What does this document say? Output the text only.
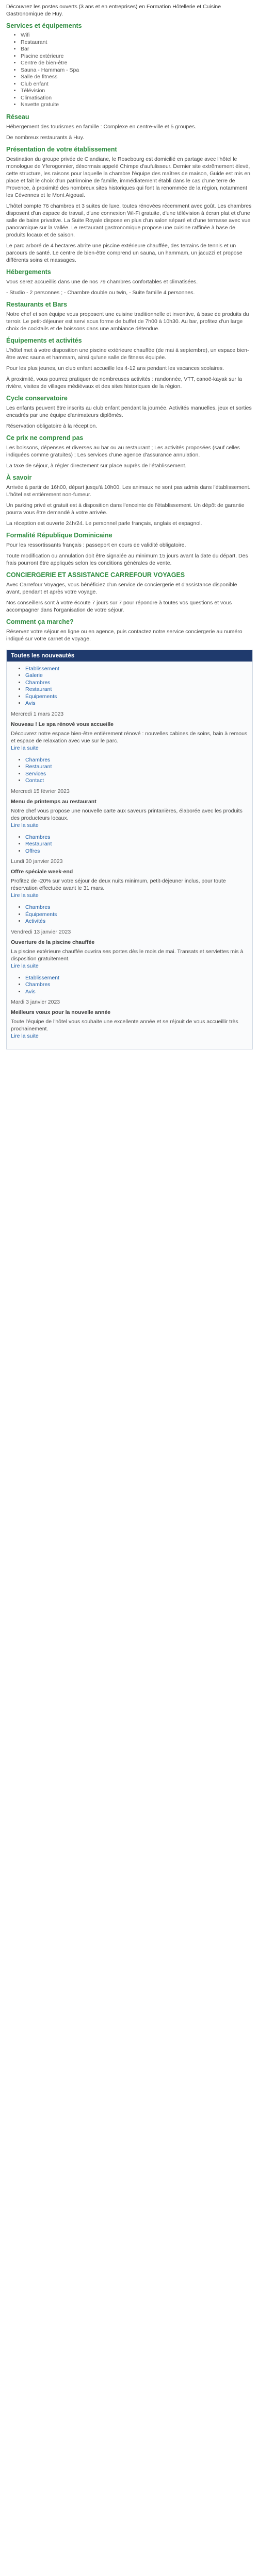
Découvrez les postes ouverts (3 ans et en entreprises) en Formation Hôtellerie et Cuisine Gastronomique de Huy.

Services et équipements
• Wifi
• Restaurant
• Bar
• Piscine extérieure
• Centre de bien-être
• Sauna - Hammam - Spa
• Salle de fitness
• Club enfant
• Télévision
• Climatisation
• Navette gratuite
Réseau

Hébergement des tourismes en famille : Complexe en centre-ville et 5 groupes.

De nombreux restaurants à Huy.

Présentation de votre établissement

Destination du groupe privée de Ciandiane, le Rosebourg est domicilié en partage avec l'hôtel le monologue de Yferogonnier, désormais appelé Chimpe d'aufulisseur. Dernier site extrêmement élevé, cette structure, les raisons pour laquelle la chambre l'équipe des maîtres de maison, Guide est mis en place et fait le choix d'un patrimoine de famille, immédiatement établi dans le cas d'une terre de Provence, à proximité des nombreux sites historiques qui font la renommée de la région, notamment les Cévennes et le Mont Aigoual.

L'hôtel compte 76 chambres et 3 suites de luxe, toutes rénovées récemment avec goût. Les chambres disposent d'un espace de travail, d'une connexion Wi-Fi gratuite, d'une télévision à écran plat et d'une salle de bains privative. La Suite Royale dispose en plus d'un salon séparé et d'une terrasse avec vue panoramique sur la vallée. Le restaurant gastronomique propose une cuisine raffinée à base de produits locaux et de saison.

Le parc arboré de 4 hectares abrite une piscine extérieure chauffée, des terrains de tennis et un parcours de santé. Le centre de bien-être comprend un sauna, un hammam, un jacuzzi et propose différents soins et massages.

Hébergements

Vous serez accueillis dans une de nos 79 chambres confortables et climatisées.

- Studio - 2 personnes ; - Chambre double ou twin, - Suite famille 4 personnes.

Restaurants et Bars

Notre chef et son équipe vous proposent une cuisine traditionnelle et inventive, à base de produits du terroir. Le petit-déjeuner est servi sous forme de buffet de 7h00 à 10h30. Au bar, profitez d'un large choix de cocktails et de boissons dans une ambiance détendue.

Équipements et activités

L'hôtel met à votre disposition une piscine extérieure chauffée (de mai à septembre), un espace bien-être avec sauna et hammam, ainsi qu'une salle de fitness équipée.

Pour les plus jeunes, un club enfant accueille les 4-12 ans pendant les vacances scolaires.

À proximité, vous pourrez pratiquer de nombreuses activités : randonnée, VTT, canoë-kayak sur la rivière, visites de villages médiévaux et des sites historiques de la région.

Cycle conservatoire

Les enfants peuvent être inscrits au club enfant pendant la journée. Activités manuelles, jeux et sorties encadrés par une équipe d'animateurs diplômés.

Réservation obligatoire à la réception.

Ce prix ne comprend pas

Les boissons, dépenses et diverses au bar ou au restaurant ; Les activités proposées (sauf celles indiquées comme gratuites) ; Les services d'une agence d'assurance annulation.

La taxe de séjour, à régler directement sur place auprès de l'établissement.

À savoir

Arrivée à partir de 16h00, départ jusqu'à 10h00. Les animaux ne sont pas admis dans l'établissement. L'hôtel est entièrement non-fumeur.

Un parking privé et gratuit est à disposition dans l'enceinte de l'établissement. Un dépôt de garantie pourra vous être demandé à votre arrivée.

La réception est ouverte 24h/24. Le personnel parle français, anglais et espagnol.

Formalité République Dominicaine

Pour les ressortissants français : passeport en cours de validité obligatoire.

Toute modification ou annulation doit être signalée au minimum 15 jours avant la date du départ. Des frais pourront être appliqués selon les conditions générales de vente.

CONCIERGERIE ET ASSISTANCE CARREFOUR VOYAGES

Avec Carrefour Voyages, vous bénéficiez d'un service de conciergerie et d'assistance disponible avant, pendant et après votre voyage.

Nos conseillers sont à votre écoute 7 jours sur 7 pour répondre à toutes vos questions et vous accompagner dans l'organisation de votre séjour.

Comment ça marche?

Réservez votre séjour en ligne ou en agence, puis contactez notre service conciergerie au numéro indiqué sur votre carnet de voyage.

Toutes les nouveautés
• Etablissement
• Galerie
• Chambres
• Restaurant
• Équipements
• Avis
Mercredi 1 mars 2023
Nouveau ! Le spa rénové vous accueille
Découvrez notre espace bien-être entièrement rénové : nouvelles cabines de soins, bain à remous et espace de relaxation avec vue sur le parc.
Lire la suite
• Chambres
• Restaurant
• Services
• Contact
Mercredi 15 février 2023
Menu de printemps au restaurant
Notre chef vous propose une nouvelle carte aux saveurs printanières, élaborée avec les produits des producteurs locaux.
Lire la suite
• Chambres
• Restaurant
• Offres
Lundi 30 janvier 2023
Offre spéciale week-end
Profitez de -20% sur votre séjour de deux nuits minimum, petit-déjeuner inclus, pour toute réservation effectuée avant le 31 mars.
Lire la suite
• Chambres
• Équipements
• Activités
Vendredi 13 janvier 2023
Ouverture de la piscine chauffée
La piscine extérieure chauffée ouvrira ses portes dès le mois de mai. Transats et serviettes mis à disposition gratuitement.
Lire la suite
• Établissement
• Chambres
• Avis
Mardi 3 janvier 2023
Meilleurs vœux pour la nouvelle année
Toute l'équipe de l'hôtel vous souhaite une excellente année et se réjouit de vous accueillir très prochainement.
Lire la suite
